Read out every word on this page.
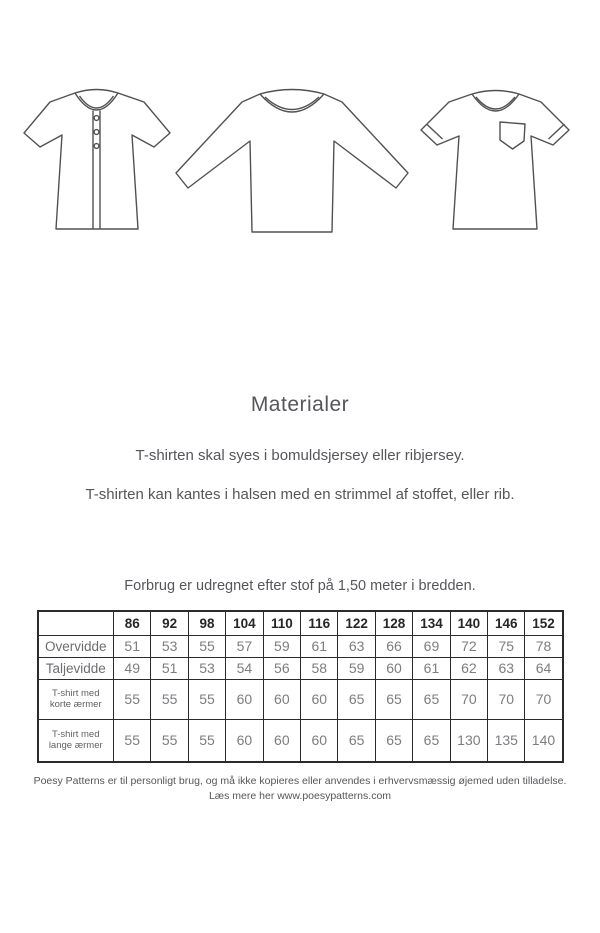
Materialer

T-shirten skal syes i bomuldsjersey eller ribjersey.

T-shirten kan kantes i halsen med en strimmel af stoffet, eller rib.

Forbrug er udregnet efter stof på 1,50 meter i bredden.

	86	92	98	104	110	116	122	128	134	140	146	152
Overvidde	51	53	55	57	59	61	63	66	69	72	75	78
Taljevidde	49	51	53	54	56	58	59	60	61	62	63	64
T-shirt med korte ærmer	55	55	55	60	60	60	65	65	65	70	70	70
T-shirt med lange ærmer	55	55	55	60	60	60	65	65	65	130	135	140
Poesy Patterns er til personligt brug, og må ikke kopieres eller anvendes i erhvervsmæssig øjemed uden tilladelse.
Læs mere her www.poesypatterns.com
